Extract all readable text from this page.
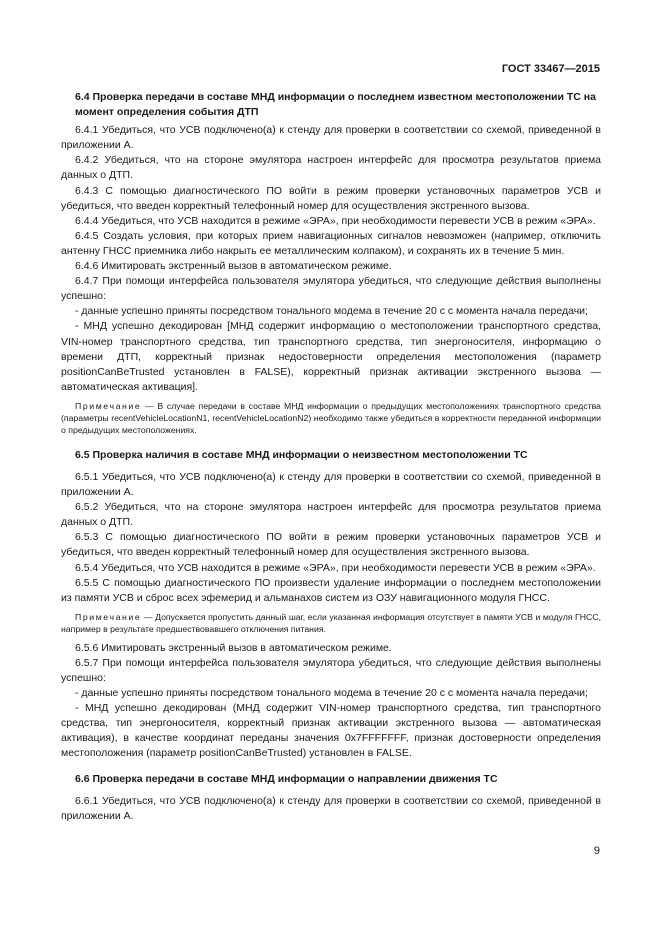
ГОСТ 33467—2015

6.4 Проверка передачи в составе МНД информации о последнем известном местоположении ТС на момент определения события ДТП

6.4.1 Убедиться, что УСВ подключено(а) к стенду для проверки в соответствии со схемой, приведенной в приложении А.

6.4.2 Убедиться, что на стороне эмулятора настроен интерфейс для просмотра результатов приема данных о ДТП.

6.4.3 С помощью диагностического ПО войти в режим проверки установочных параметров УСВ и убедиться, что введен корректный телефонный номер для осуществления экстренного вызова.

6.4.4 Убедиться, что УСВ находится в режиме «ЭРА», при необходимости перевести УСВ в режим «ЭРА».

6.4.5 Создать условия, при которых прием навигационных сигналов невозможен (например, отключить антенну ГНСС приемника либо накрыть ее металлическим колпаком), и сохранять их в течение 5 мин.

6.4.6 Имитировать экстренный вызов в автоматическом режиме.

6.4.7 При помощи интерфейса пользователя эмулятора убедиться, что следующие действия выполнены успешно:

- данные успешно приняты посредством тонального модема в течение 20 с с момента начала передачи;

- МНД успешно декодирован [МНД содержит информацию о местоположении транспортного средства, VIN-номер транспортного средства, тип транспортного средства, тип энергоносителя, информацию о времени ДТП, корректный признак недостоверности определения местоположения (параметр positionCanBeTrusted установлен в FALSE), корректный признак активации экстренного вызова — автоматическая активация].

Примечание — В случае передачи в составе МНД информации о предыдущих местоположениях транспортного средства (параметры recentVehicleLocationN1, recentVehicleLocationN2) необходимо также убедиться в корректности переданной информации о предыдущих местоположениях.

6.5 Проверка наличия в составе МНД информации о неизвестном местоположении ТС

6.5.1 Убедиться, что УСВ подключено(а) к стенду для проверки в соответствии со схемой, приведенной в приложении А.

6.5.2 Убедиться, что на стороне эмулятора настроен интерфейс для просмотра результатов приема данных о ДТП.

6.5.3 С помощью диагностического ПО войти в режим проверки установочных параметров УСВ и убедиться, что введен корректный телефонный номер для осуществления экстренного вызова.

6.5.4 Убедиться, что УСВ находится в режиме «ЭРА», при необходимости перевести УСВ в режим «ЭРА».

6.5.5 С помощью диагностического ПО произвести удаление информации о последнем местоположении из памяти УСВ и сброс всех эфемерид и альманахов систем из ОЗУ навигационного модуля ГНСС.

Примечание — Допускается пропустить данный шаг, если указанная информация отсутствует в памяти УСВ и модуля ГНСС, например в результате предшествовавшего отключения питания.

6.5.6 Имитировать экстренный вызов в автоматическом режиме.

6.5.7 При помощи интерфейса пользователя эмулятора убедиться, что следующие действия выполнены успешно:

- данные успешно приняты посредством тонального модема в течение 20 с с момента начала передачи;

- МНД успешно декодирован (МНД содержит VIN-номер транспортного средства, тип транспортного средства, тип энергоносителя, корректный признак активации экстренного вызова — автоматическая активация), в качестве координат переданы значения 0x7FFFFFFF, признак достоверности определения местоположения (параметр positionCanBeTrusted) установлен в FALSE.

6.6 Проверка передачи в составе МНД информации о направлении движения ТС

6.6.1 Убедиться, что УСВ подключено(а) к стенду для проверки в соответствии со схемой, приведенной в приложении А.

9
